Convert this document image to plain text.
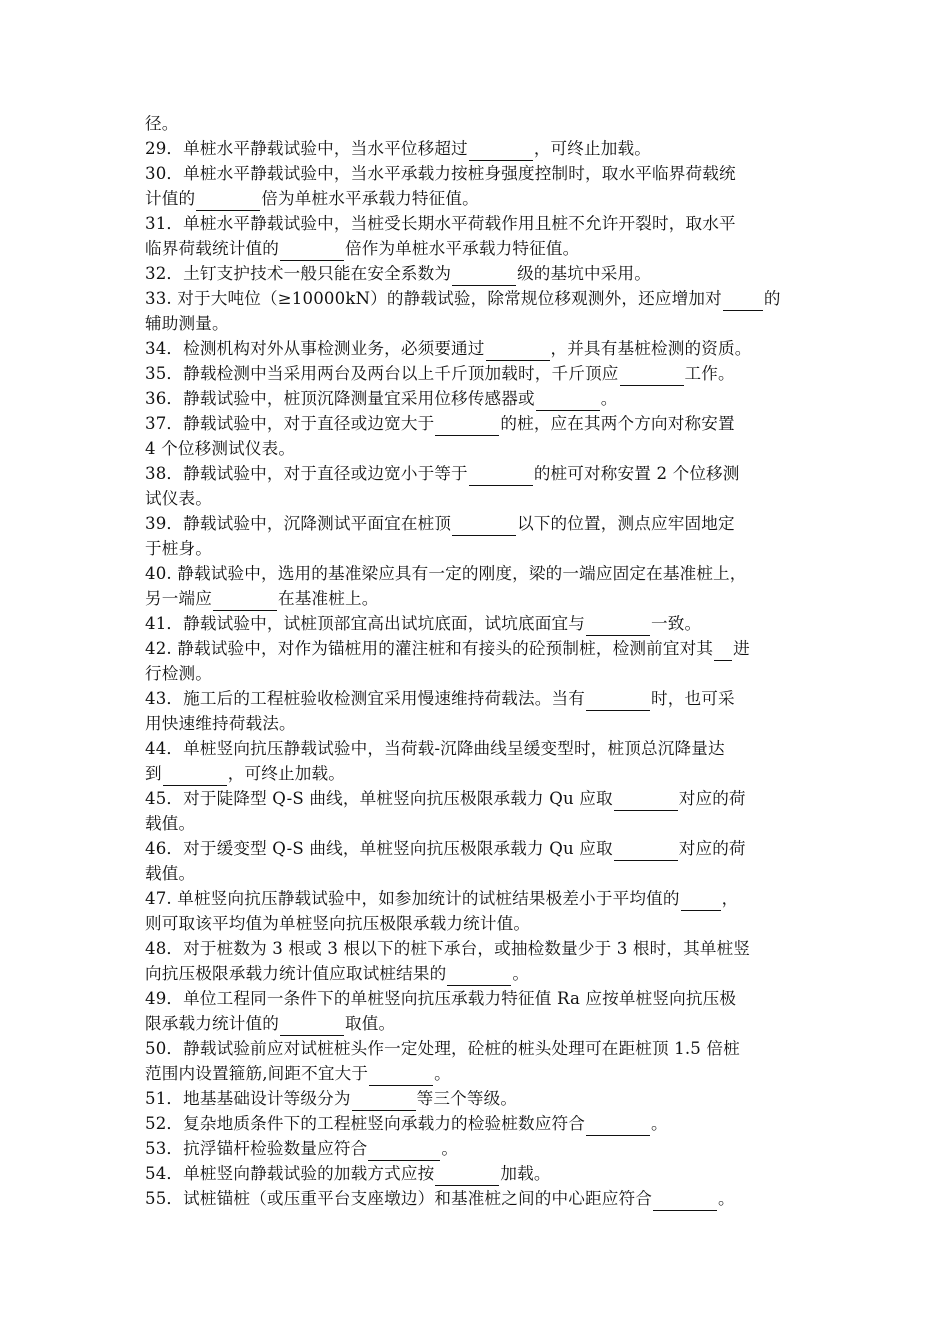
径。
29．单桩水平静载试验中，当水平位移超过	，可终止加载。
30．单桩水平静载试验中，当水平承载力按桩身强度控制时，取水平临界荷载统
计值的	倍为单桩水平承载力特征值。
31．单桩水平静载试验中，当桩受长期水平荷载作用且桩不允许开裂时，取水平
临界荷载统计值的	倍作为单桩水平承载力特征值。
32．土钉支护技术一般只能在安全系数为	级的基坑中采用。
33. 对于大吨位（≥10000kN）的静载试验，除常规位移观测外，还应增加对	的
辅助测量。
34．检测机构对外从事检测业务，必须要通过	，并具有基桩检测的资质。
35．静载检测中当采用两台及两台以上千斤顶加载时，千斤顶应	工作。
36．静载试验中，桩顶沉降测量宜采用位移传感器或	。
37．静载试验中，对于直径或边宽大于	的桩，应在其两个方向对称安置
4 个位移测试仪表。
38．静载试验中，对于直径或边宽小于等于	的桩可对称安置 2 个位移测
试仪表。
39．静载试验中，沉降测试平面宜在桩顶	以下的位置，测点应牢固地定
于桩身。
40. 静载试验中，选用的基准梁应具有一定的刚度，梁的一端应固定在基准桩上，
另一端应	在基准桩上。
41．静载试验中，试桩顶部宜高出试坑底面，试坑底面宜与	一致。
42. 静载试验中，对作为锚桩用的灌注桩和有接头的砼预制桩，检测前宜对其 进
行检测。
43．施工后的工程桩验收检测宜采用慢速维持荷载法。当有	时，也可采
用快速维持荷载法。
44．单桩竖向抗压静载试验中，当荷载-沉降曲线呈缓变型时，桩顶总沉降量达
到	，可终止加载。
45．对于陡降型 Q-S 曲线，单桩竖向抗压极限承载力 Qu 应取	对应的荷
载值。
46．对于缓变型 Q-S 曲线，单桩竖向抗压极限承载力 Qu 应取	对应的荷
载值。
47. 单桩竖向抗压静载试验中，如参加统计的试桩结果极差小于平均值的	，
则可取该平均值为单桩竖向抗压极限承载力统计值。
48．对于桩数为 3 根或 3 根以下的桩下承台，或抽检数量少于 3 根时，其单桩竖
向抗压极限承载力统计值应取试桩结果的	。
49．单位工程同一条件下的单桩竖向抗压承载力特征值 Ra 应按单桩竖向抗压极
限承载力统计值的	取值。
50．静载试验前应对试桩桩头作一定处理，砼桩的桩头处理可在距桩顶 1.5 倍桩
范围内设置箍筋,间距不宜大于	。
51．地基基础设计等级分为	等三个等级。
52．复杂地质条件下的工程桩竖向承载力的检验桩数应符合	。
53．抗浮锚杆检验数量应符合	。
54．单桩竖向静载试验的加载方式应按	加载。
55．试桩锚桩（或压重平台支座墩边）和基准桩之间的中心距应符合	。
